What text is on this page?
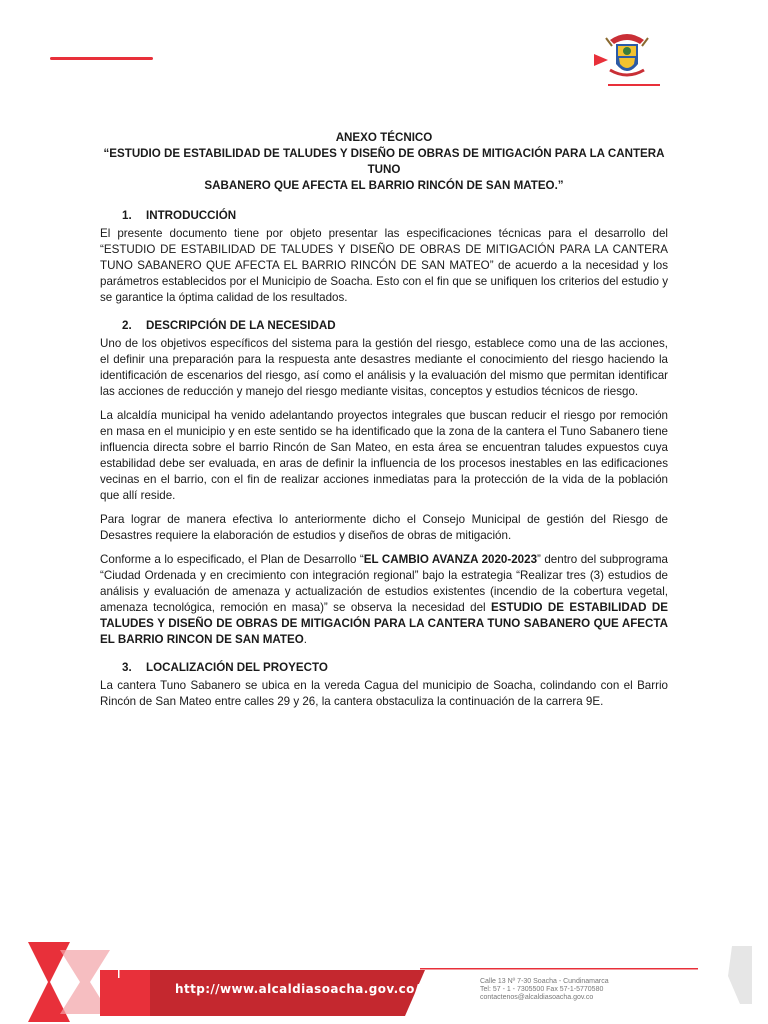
ANEXO TÉCNICO
“ESTUDIO DE ESTABILIDAD DE TALUDES Y DISEÑO DE OBRAS DE MITIGACIÓN PARA LA CANTERA TUNO
SABANERO QUE AFECTA EL BARRIO RINCÓN DE SAN MATEO.”
1. INTRODUCCIÓN

El presente documento tiene por objeto presentar las especificaciones técnicas para el desarrollo del “ESTUDIO DE ESTABILIDAD DE TALUDES Y DISEÑO DE OBRAS DE MITIGACIÓN PARA LA CANTERA TUNO SABANERO QUE AFECTA EL BARRIO RINCÓN DE SAN MATEO” de acuerdo a la necesidad y los parámetros establecidos por el Municipio de Soacha. Esto con el fin que se unifiquen los criterios del estudio y se garantice la óptima calidad de los resultados.

2. DESCRIPCIÓN DE LA NECESIDAD

Uno de los objetivos específicos del sistema para la gestión del riesgo, establece como una de las acciones, el definir una preparación para la respuesta ante desastres mediante el conocimiento del riesgo haciendo la identificación de escenarios del riesgo, así como el análisis y la evaluación del mismo que permitan identificar las acciones de reducción y manejo del riesgo mediante visitas, conceptos y estudios técnicos de riesgo.

La alcaldía municipal ha venido adelantando proyectos integrales que buscan reducir el riesgo por remoción en masa en el municipio y en este sentido se ha identificado que la zona de la cantera el Tuno Sabanero tiene influencia directa sobre el barrio Rincón de San Mateo, en esta área se encuentran taludes expuestos cuya estabilidad debe ser evaluada, en aras de definir la influencia de los procesos inestables en las edificaciones vecinas en el barrio, con el fin de realizar acciones inmediatas para la protección de la vida de la población que allí reside.

Para lograr de manera efectiva lo anteriormente dicho el Consejo Municipal de gestión del Riesgo de Desastres requiere la elaboración de estudios y diseños de obras de mitigación.

Conforme a lo especificado, el Plan de Desarrollo “EL CAMBIO AVANZA 2020-2023” dentro del subprograma “Ciudad Ordenada y en crecimiento con integración regional” bajo la estrategia “Realizar tres (3) estudios de análisis y evaluación de amenaza y actualización de estudios existentes (incendio de la cobertura vegetal, amenaza tecnológica, remoción en masa)” se observa la necesidad del ESTUDIO DE ESTABILIDAD DE TALUDES Y DISEÑO DE OBRAS DE MITIGACIÓN PARA LA CANTERA TUNO SABANERO QUE AFECTA EL BARRIO RINCON DE SAN MATEO.

3. LOCALIZACIÓN DEL PROYECTO

La cantera Tuno Sabanero se ubica en la vereda Cagua del municipio de Soacha, colindando con el Barrio Rincón de San Mateo entre calles 29 y 26, la cantera obstaculiza la continuación de la carrera 9E.

http://www.alcaldiasoacha.gov.co/
Calle 13 Nº 7-30 Soacha - Cundinamarca
Tel: 57 - 1 - 7305500 Fax 57-1-5770580
contactenos@alcaldiasoacha.gov.co
